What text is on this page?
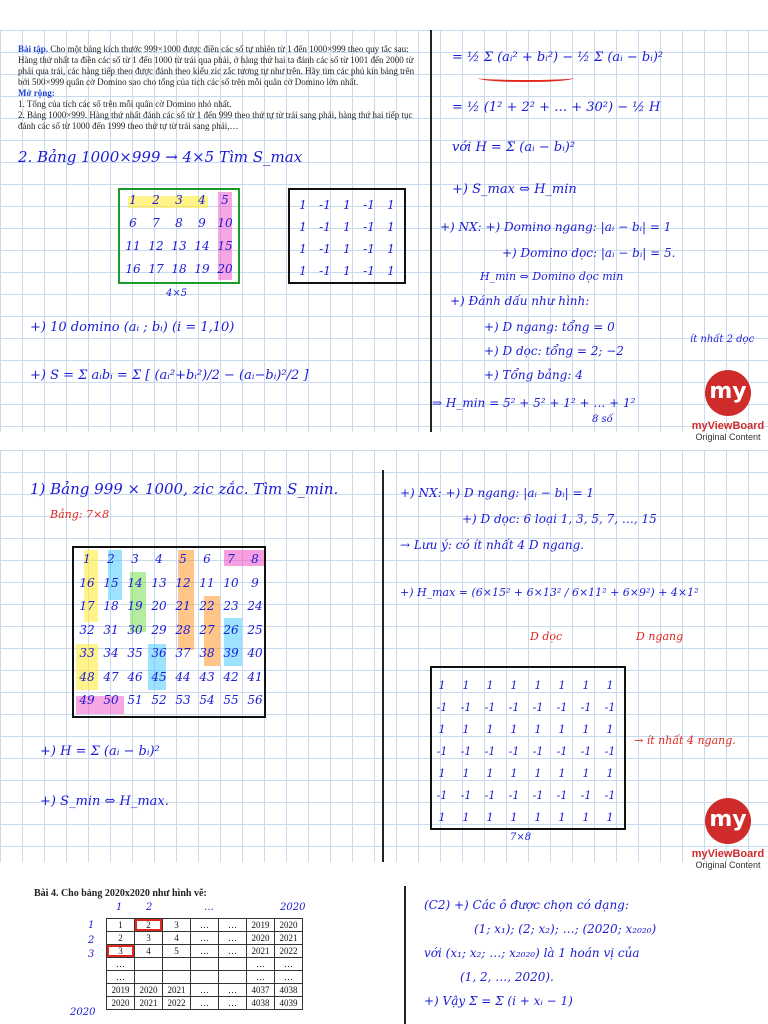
Bài tập. Cho một bảng kích thước 999×1000 được điền các số tự nhiên từ 1 đến 1000×999 theo quy tắc sau: Hàng thứ nhất ta điền các số từ 1 đến 1000 từ trái qua phải, ở hàng thứ hai ta đánh các số từ 1001 đến 2000 từ phải qua trái, các hàng tiếp theo được đánh theo kiểu zic zắc tương tự như trên. Hãy tìm các phủ kín bảng trên bởi 500×999 quân cờ Domino sao cho tổng của tích các số trên mỗi quân cờ Domino lớn nhất.
Mở rộng:
1. Tổng của tích các số trên mỗi quân cờ Domino nhỏ nhất.
2. Bảng 1000×999. Hàng thứ nhất đánh các số từ 1 đến 999 theo thứ tự từ trái sang phải, hàng thứ hai tiếp tục đánh các số từ 1000 đến 1999 theo thứ tự từ trái sang phải,…
2. Bảng 1000×999 → 4×5 Tìm S_max
1	2	3	4	5
6	7	8	9 10
11 12 13 14 15
16 17 18 19 20
4×5
1	-1	1	-1	1
1	-1	1	-1	1
1	-1	1	-1	1
1	-1	1	-1	1
+) 10 domino (aᵢ ; bᵢ) (i = 1,10)
+) S = Σ aᵢbᵢ = Σ [ (aᵢ²+bᵢ²)/2 − (aᵢ−bᵢ)²/2 ]
= ½ Σ (aᵢ² + bᵢ²) − ½ Σ (aᵢ − bᵢ)²
= ½ (1² + 2² + … + 30²) − ½ H
với H = Σ (aᵢ − bᵢ)²
+) S_max ⇔ H_min
+) NX: +) Domino ngang: |aᵢ − bᵢ| = 1
+) Domino dọc: |aᵢ − bᵢ| = 5.
H_min ⇔ Domino dọc min
+) Đánh dấu như hình:
+) D ngang: tổng = 0
+) D dọc: tổng = 2; −2
+) Tổng bảng: 4
ít nhất 2 dọc
⇒ H_min = 5² + 5² + 1² + … + 1²
8 số
my
myViewBoard
Original Content
1) Bảng 999 × 1000, zic zắc. Tìm S_min.
Bảng: 7×8
1	2	3	4	5	6	7	8
16 15 14 13 12 11 10	9
17 18 19 20 21 22 23 24
32 31 30 29 28 27 26 25
33 34 35 36 37 38 39 40
48 47 46 45 44 43 42 41
49 50 51 52 53 54 55 56
+) H = Σ (aᵢ − bᵢ)²
+) S_min ⇔ H_max.
+) NX: +) D ngang: |aᵢ − bᵢ| = 1
+) D dọc: 6 loại 1, 3, 5, 7, …, 15
→ Lưu ý: có ít nhất 4 D ngang.
+) H_max = (6×15² + 6×13² / 6×11² + 6×9²) + 4×1²
D dọc	D ngang
1	1	1	1	1	1	1	1
-1	-1	-1	-1	-1	-1	-1	-1
1	1	1	1	1	1	1	1
-1	-1	-1	-1	-1	-1	-1	-1
1	1	1	1	1	1	1	1
-1	-1	-1	-1	-1	-1	-1	-1
1	1	1	1	1	1	1	1
7×8
→ ít nhất 4 ngang.
my
myViewBoard
Original Content
Bài 4. Cho bảng 2020x2020 như hình vẽ:
1 2	…	2020
1
2
3
2020
1	2	3	…	…	2019	2020
2	3	4	…	…	2020	2021
3	4	5	…	…	2021	2022
…					…	…
…					…	…
2019	2020	2021	…	…	4037	4038
2020	2021	2022	…	…	4038	4039
(C2) +) Các ô được chọn có dạng:
(1; x₁); (2; x₂); …; (2020; x₂₀₂₀)
với (x₁; x₂; …; x₂₀₂₀) là 1 hoán vị của
(1, 2, …, 2020).
+) Vậy Σ = Σ (i + xᵢ − 1)
